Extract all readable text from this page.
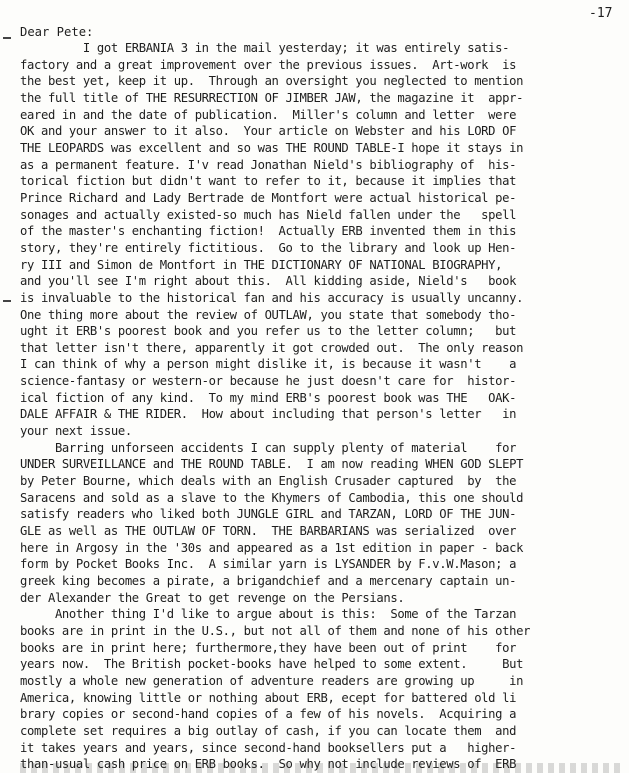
-17
Dear Pete:
I got ERBANIA 3 in the mail yesterday; it was entirely satis-
factory and a great improvement over the previous issues.  Art-work  is
the best yet, keep it up.  Through an oversight you neglected to mention
the full title of THE RESURRECTION OF JIMBER JAW, the magazine it  appr-
eared in and the date of publication.  Miller's column and letter  were
OK and your answer to it also.  Your article on Webster and his LORD OF
THE LEOPARDS was excellent and so was THE ROUND TABLE-I hope it stays in
as a permanent feature. I'v read Jonathan Nield's bibliography of  his-
torical fiction but didn't want to refer to it, because it implies that
Prince Richard and Lady Bertrade de Montfort were actual historical pe-
sonages and actually existed-so much has Nield fallen under the   spell
of the master's enchanting fiction!  Actually ERB invented them in this
story, they're entirely fictitious.  Go to the library and look up Hen-
ry III and Simon de Montfort in THE DICTIONARY OF NATIONAL BIOGRAPHY,
and you'll see I'm right about this.  All kidding aside, Nield's   book
is invaluable to the historical fan and his accuracy is usually uncanny.
One thing more about the review of OUTLAW, you state that somebody tho-
ught it ERB's poorest book and you refer us to the letter column;   but
that letter isn't there, apparently it got crowded out.  The only reason
I can think of why a person might dislike it, is because it wasn't    a
science-fantasy or western-or because he just doesn't care for  histor-
ical fiction of any kind.  To my mind ERB's poorest book was THE   OAK-
DALE AFFAIR & THE RIDER.  How about including that person's letter   in
your next issue.
Barring unforseen accidents I can supply plenty of material    for
UNDER SURVEILLANCE and THE ROUND TABLE.  I am now reading WHEN GOD SLEPT
by Peter Bourne, which deals with an English Crusader captured  by  the
Saracens and sold as a slave to the Khymers of Cambodia, this one should
satisfy readers who liked both JUNGLE GIRL and TARZAN, LORD OF THE JUN-
GLE as well as THE OUTLAW OF TORN.  THE BARBARIANS was serialized  over
here in Argosy in the '30s and appeared as a 1st edition in paper - back
form by Pocket Books Inc.  A similar yarn is LYSANDER by F.v.W.Mason; a
greek king becomes a pirate, a brigandchief and a mercenary captain un-
der Alexander the Great to get revenge on the Persians.
Another thing I'd like to argue about is this:  Some of the Tarzan
books are in print in the U.S., but not all of them and none of his other
books are in print here; furthermore,they have been out of print    for
years now.  The British pocket-books have helped to some extent.     But
mostly a whole new generation of adventure readers are growing up     in
America, knowing little or nothing about ERB, ecept for battered old li
brary copies or second-hand copies of a few of his novels.  Acquiring a
complete set requires a big outlay of cash, if you can locate them  and
it takes years and years, since second-hand booksellers put a   higher-
than-usual cash price on ERB books.  So why not include reviews of  ERB
